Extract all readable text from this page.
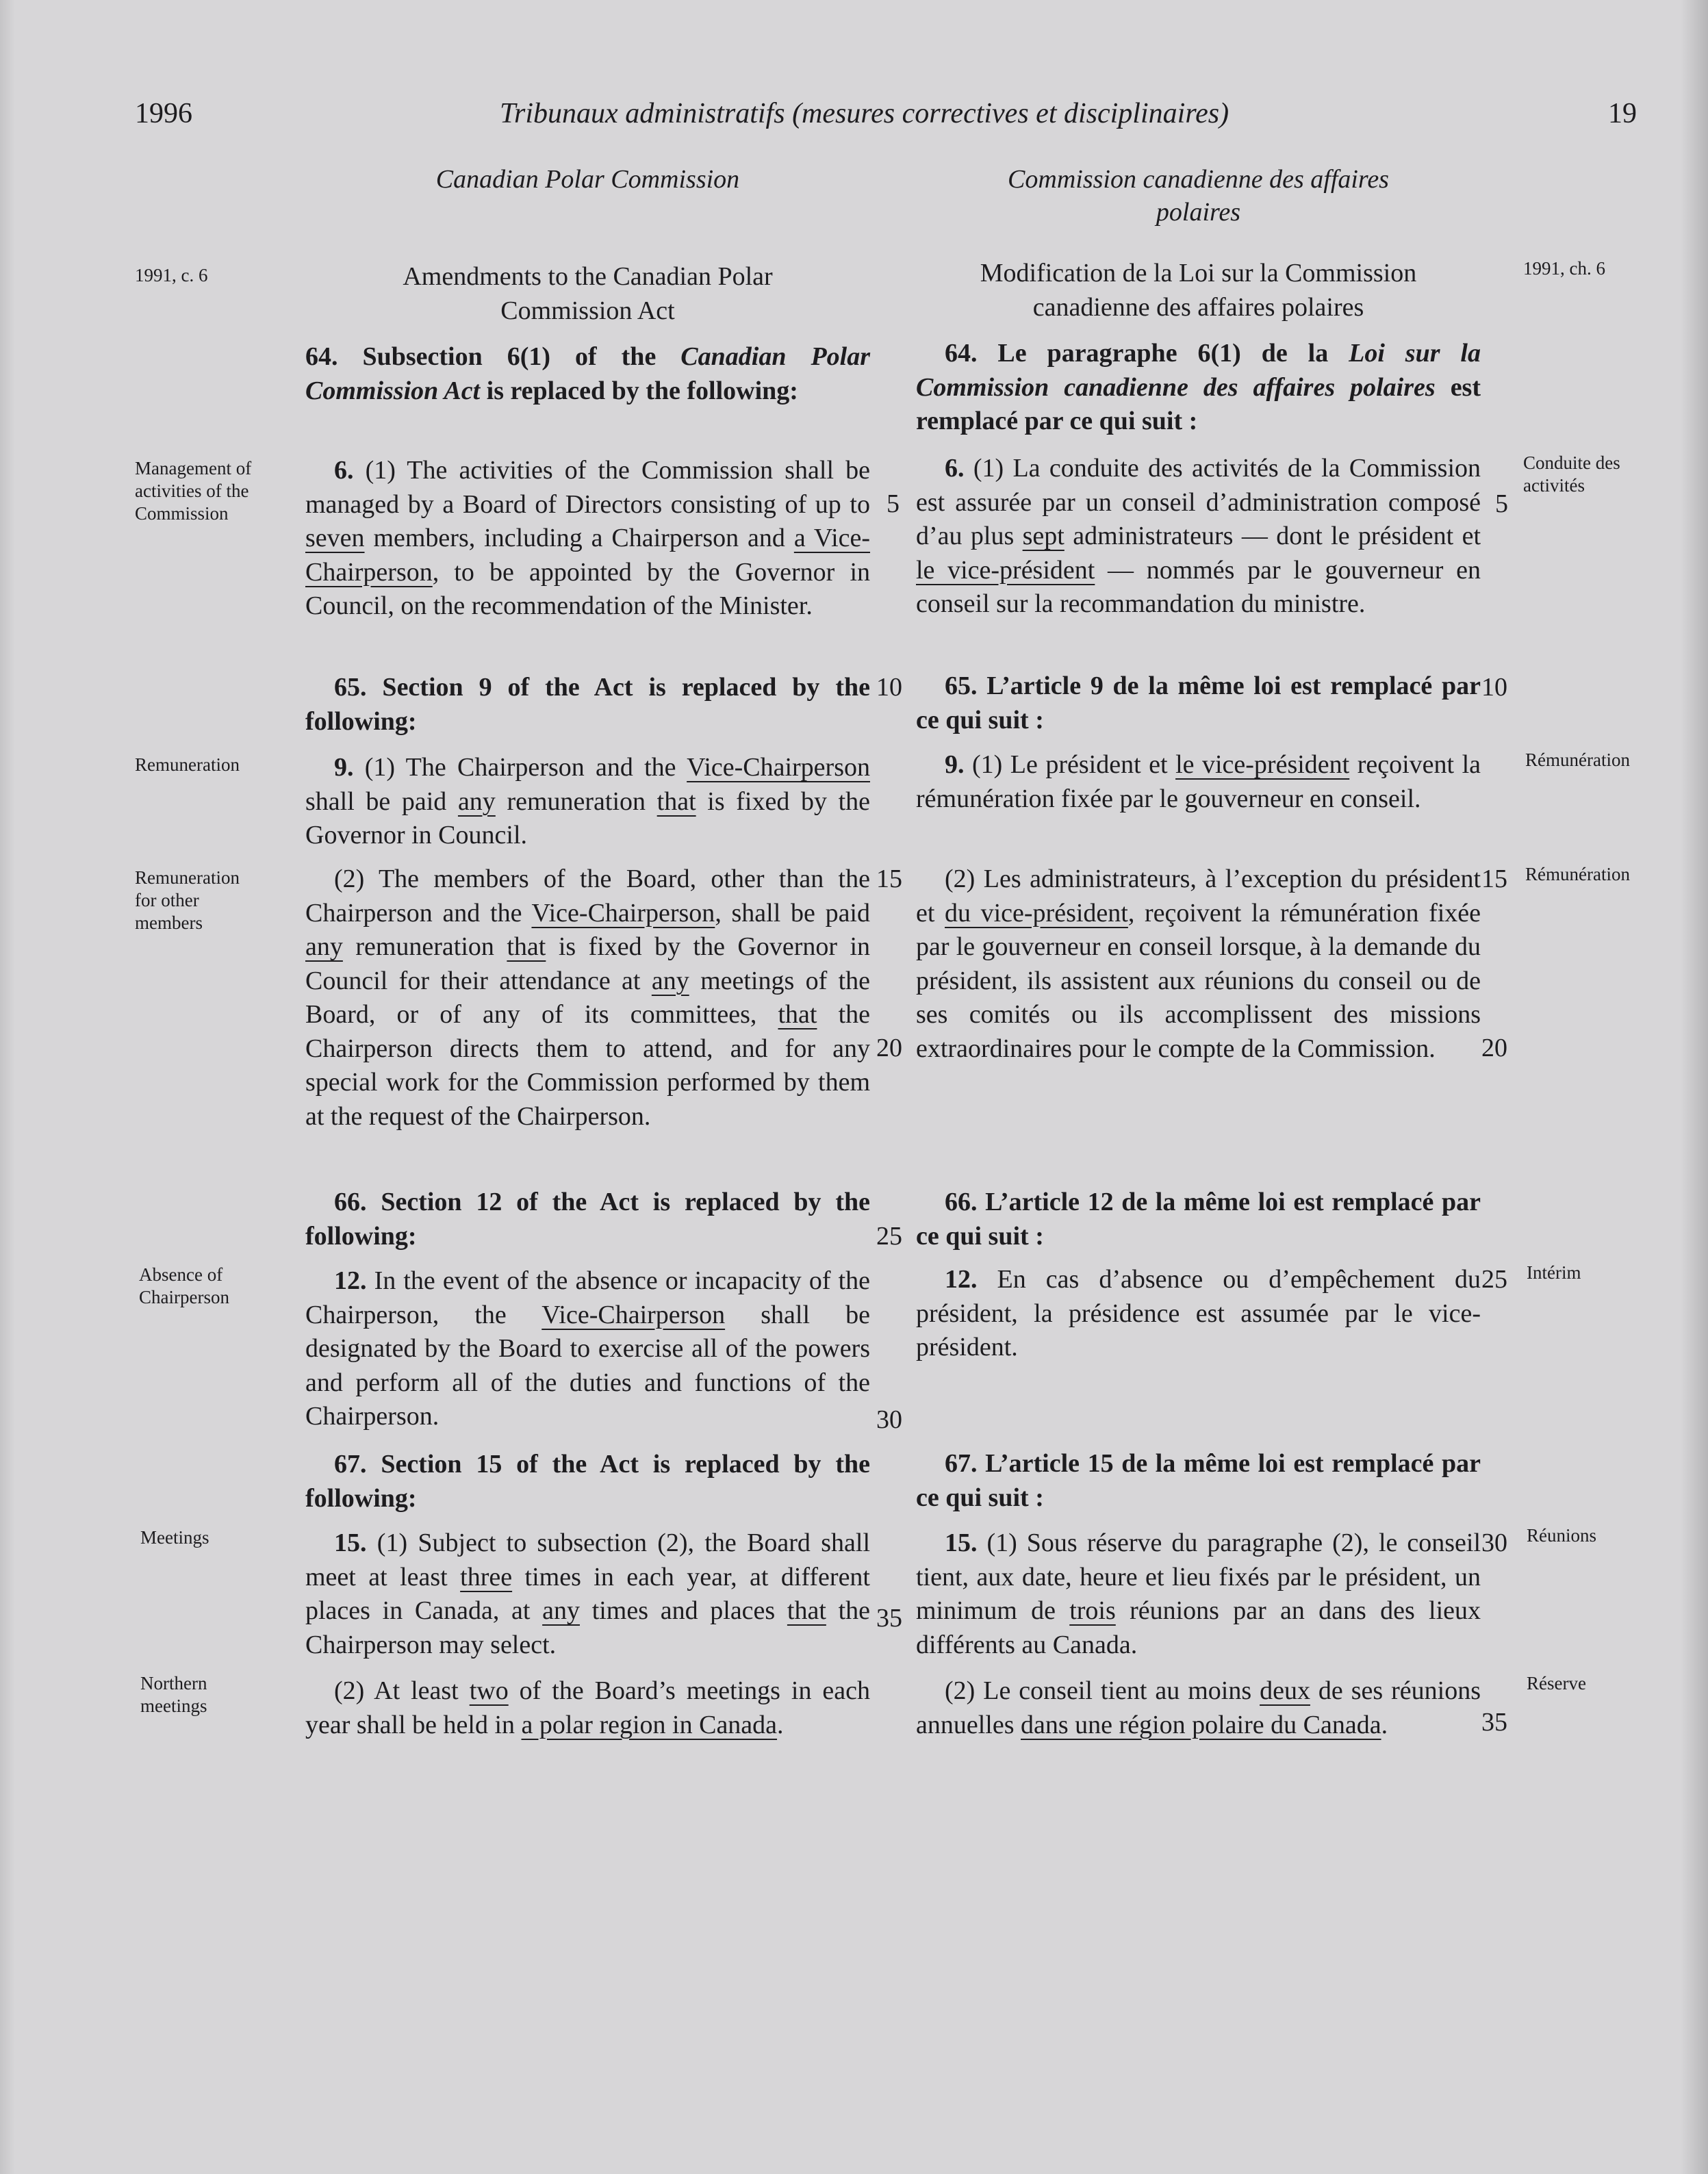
1996	Tribunaux administratifs (mesures correctives et disciplinaires)	19
Canadian Polar Commission	Commission canadienne des affaires polaires
1991, c. 6
Management of activities of the Commission
Remuneration
Remuneration for other members
Absence of Chairperson
Meetings
Northern meetings
1991, ch. 6
Conduite des activités
Rémunération
Rémunération
Intérim
Réunions
Réserve
5
10
15
20
25
30
35
5
10
15
20
25
30
35
Amendments to the Canadian Polar Commission Act
64. Subsection 6(1) of the Canadian Polar Commission Act is replaced by the following:
6. (1) The activities of the Commission shall be managed by a Board of Directors consisting of up to seven members, including a Chairperson and a Vice-Chairperson, to be appointed by the Governor in Council, on the recommendation of the Minister.
65. Section 9 of the Act is replaced by the following:
9. (1) The Chairperson and the Vice-Chairperson shall be paid any remuneration that is fixed by the Governor in Council.
(2) The members of the Board, other than the Chairperson and the Vice-Chairperson, shall be paid any remuneration that is fixed by the Governor in Council for their attendance at any meetings of the Board, or of any of its committees, that the Chairperson directs them to attend, and for any special work for the Commission performed by them at the request of the Chairperson.
66. Section 12 of the Act is replaced by the following:
12. In the event of the absence or incapacity of the Chairperson, the Vice-Chairperson shall be designated by the Board to exercise all of the powers and perform all of the duties and functions of the Chairperson.
67. Section 15 of the Act is replaced by the following:
15. (1) Subject to subsection (2), the Board shall meet at least three times in each year, at different places in Canada, at any times and places that the Chairperson may select.
(2) At least two of the Board’s meetings in each year shall be held in a polar region in Canada.
Modification de la Loi sur la Commission canadienne des affaires polaires
64. Le paragraphe 6(1) de la Loi sur la Commission canadienne des affaires polaires est remplacé par ce qui suit :
6. (1) La conduite des activités de la Commission est assurée par un conseil d’administration composé d’au plus sept administrateurs — dont le président et le vice-président — nommés par le gouverneur en conseil sur la recommandation du ministre.
65. L’article 9 de la même loi est remplacé par ce qui suit :
9. (1) Le président et le vice-président reçoivent la rémunération fixée par le gouverneur en conseil.
(2) Les administrateurs, à l’exception du président et du vice-président, reçoivent la rémunération fixée par le gouverneur en conseil lorsque, à la demande du président, ils assistent aux réunions du conseil ou de ses comités ou ils accomplissent des missions extraordinaires pour le compte de la Commission.
66. L’article 12 de la même loi est remplacé par ce qui suit :
12. En cas d’absence ou d’empêchement du président, la présidence est assumée par le vice-président.
67. L’article 15 de la même loi est remplacé par ce qui suit :
15. (1) Sous réserve du paragraphe (2), le conseil tient, aux date, heure et lieu fixés par le président, un minimum de trois réunions par an dans des lieux différents au Canada.
(2) Le conseil tient au moins deux de ses réunions annuelles dans une région polaire du Canada.
